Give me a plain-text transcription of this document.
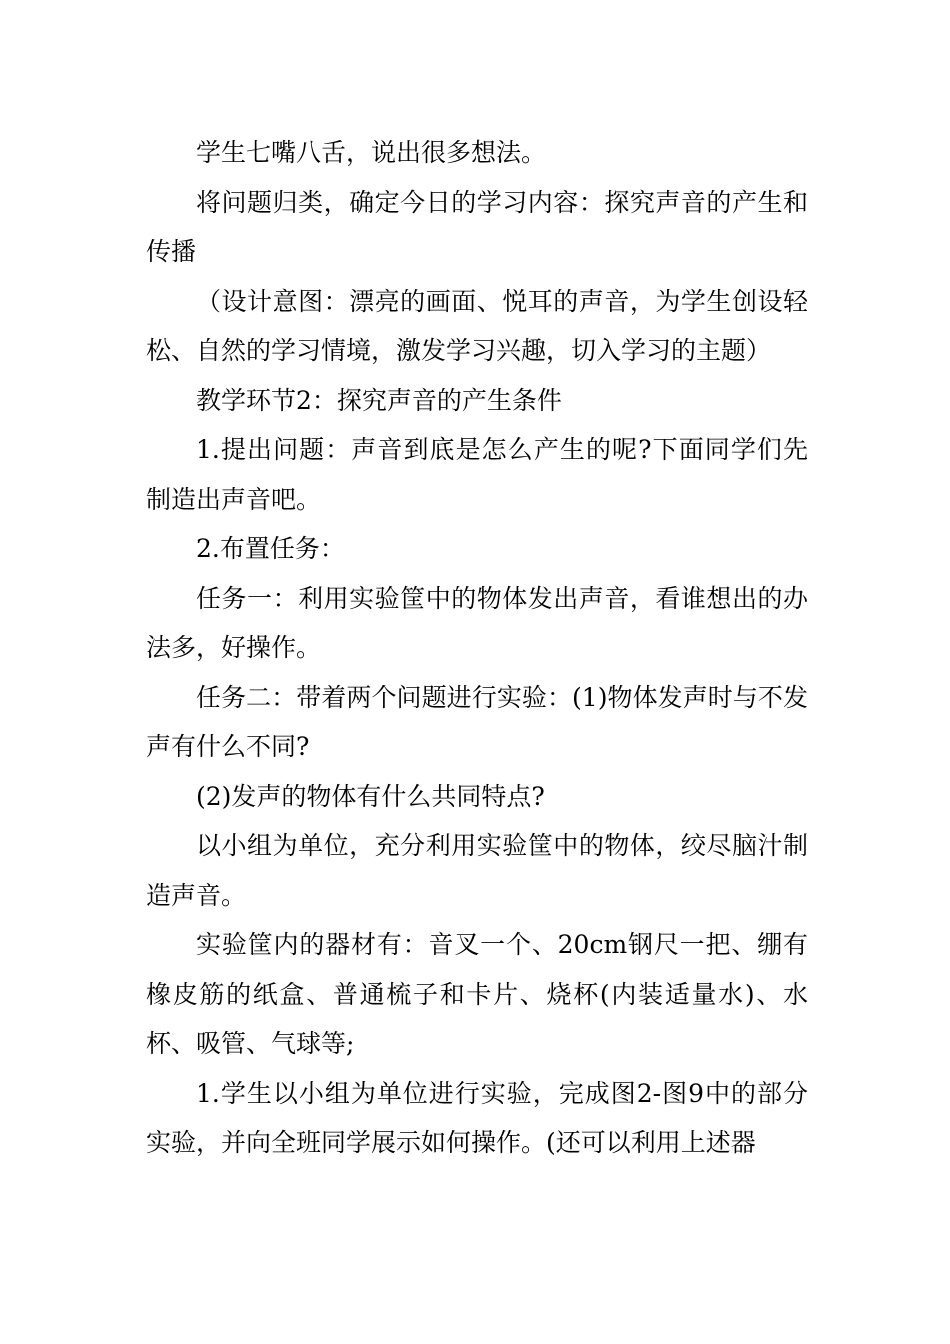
学生七嘴八舌，说出很多想法。

将问题归类，确定今日的学习内容：探究声音的产生和传播

（设计意图：漂亮的画面、悦耳的声音，为学生创设轻松、自然的学习情境，激发学习兴趣，切入学习的主题）

教学环节2：探究声音的产生条件

1.提出问题：声音到底是怎么产生的呢?下面同学们先制造出声音吧。

2.布置任务：

任务一：利用实验筐中的物体发出声音，看谁想出的办法多，好操作。

任务二：带着两个问题进行实验：(1)物体发声时与不发声有什么不同?

(2)发声的物体有什么共同特点?

以小组为单位，充分利用实验筐中的物体，绞尽脑汁制造声音。

实验筐内的器材有：音叉一个、20cm钢尺一把、绷有橡皮筋的纸盒、普通梳子和卡片、烧杯(内装适量水)、水杯、吸管、气球等;

1.学生以小组为单位进行实验，完成图2-图9中的部分实验，并向全班同学展示如何操作。(还可以利用上述器
